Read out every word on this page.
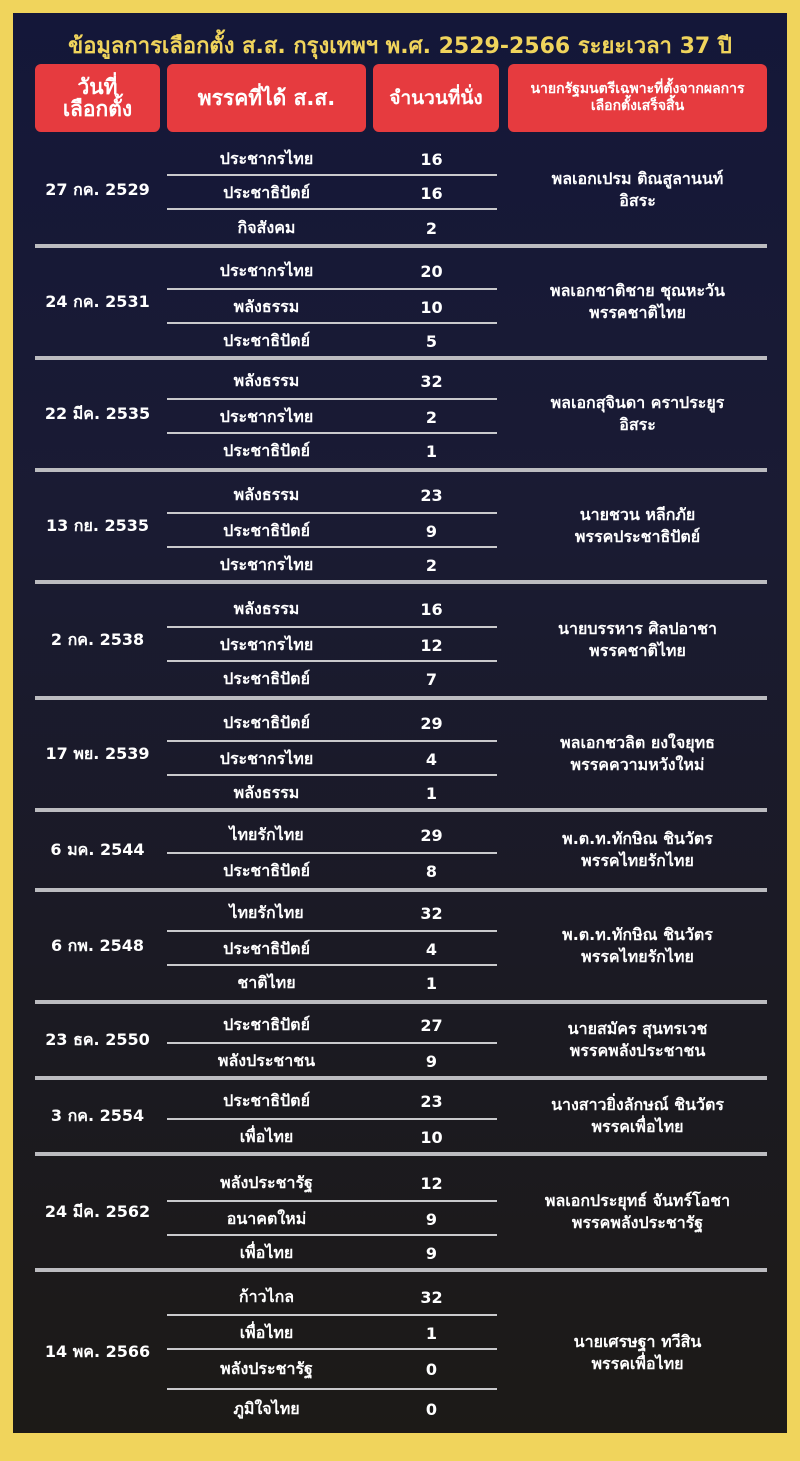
ข้อมูลการเลือกตั้ง ส.ส. กรุงเทพฯ พ.ศ. 2529-2566 ระยะเวลา 37 ปี
วันที่
เลือกตั้ง	พรรคที่ได้ ส.ส.	จำนวนที่นั่ง	นายกรัฐมนตรีเฉพาะที่ตั้งจากผลการเลือกตั้งเสร็จสิ้น
27 กค. 2529
ประชากรไทย	16
ประชาธิปัตย์	16
กิจสังคม	2
พลเอกเปรม ติณสูลานนท์
อิสระ
24 กค. 2531
ประชากรไทย	20
พลังธรรม	10
ประชาธิปัตย์	5
พลเอกชาติชาย ชุณหะวัน
พรรคชาติไทย
22 มีค. 2535
พลังธรรม	32
ประชากรไทย	2
ประชาธิปัตย์	1
พลเอกสุจินดา คราประยูร
อิสระ
13 กย. 2535
พลังธรรม	23
ประชาธิปัตย์	9
ประชากรไทย	2
นายชวน หลีกภัย
พรรคประชาธิปัตย์
2 กค. 2538
พลังธรรม	16
ประชากรไทย	12
ประชาธิปัตย์	7
นายบรรหาร ศิลปอาชา
พรรคชาติไทย
17 พย. 2539
ประชาธิปัตย์	29
ประชากรไทย	4
พลังธรรม	1
พลเอกชวลิต ยงใจยุทธ
พรรคความหวังใหม่
6 มค. 2544
ไทยรักไทย	29
ประชาธิปัตย์	8
พ.ต.ท.ทักษิณ ชินวัตร
พรรคไทยรักไทย
6 กพ. 2548
ไทยรักไทย	32
ประชาธิปัตย์	4
ชาติไทย	1
พ.ต.ท.ทักษิณ ชินวัตร
พรรคไทยรักไทย
23 ธค. 2550
ประชาธิปัตย์	27
พลังประชาชน	9
นายสมัคร สุนทรเวช
พรรคพลังประชาชน
3 กค. 2554
ประชาธิปัตย์	23
เพื่อไทย	10
นางสาวยิ่งลักษณ์ ชินวัตร
พรรคเพื่อไทย
24 มีค. 2562
พลังประชารัฐ	12
อนาคตใหม่	9
เพื่อไทย	9
พลเอกประยุทธ์ จันทร์โอชา
พรรคพลังประชารัฐ
14 พค. 2566
ก้าวไกล	32
เพื่อไทย	1
พลังประชารัฐ	0
ภูมิใจไทย	0
นายเศรษฐา ทวีสิน
พรรคเพื่อไทย
